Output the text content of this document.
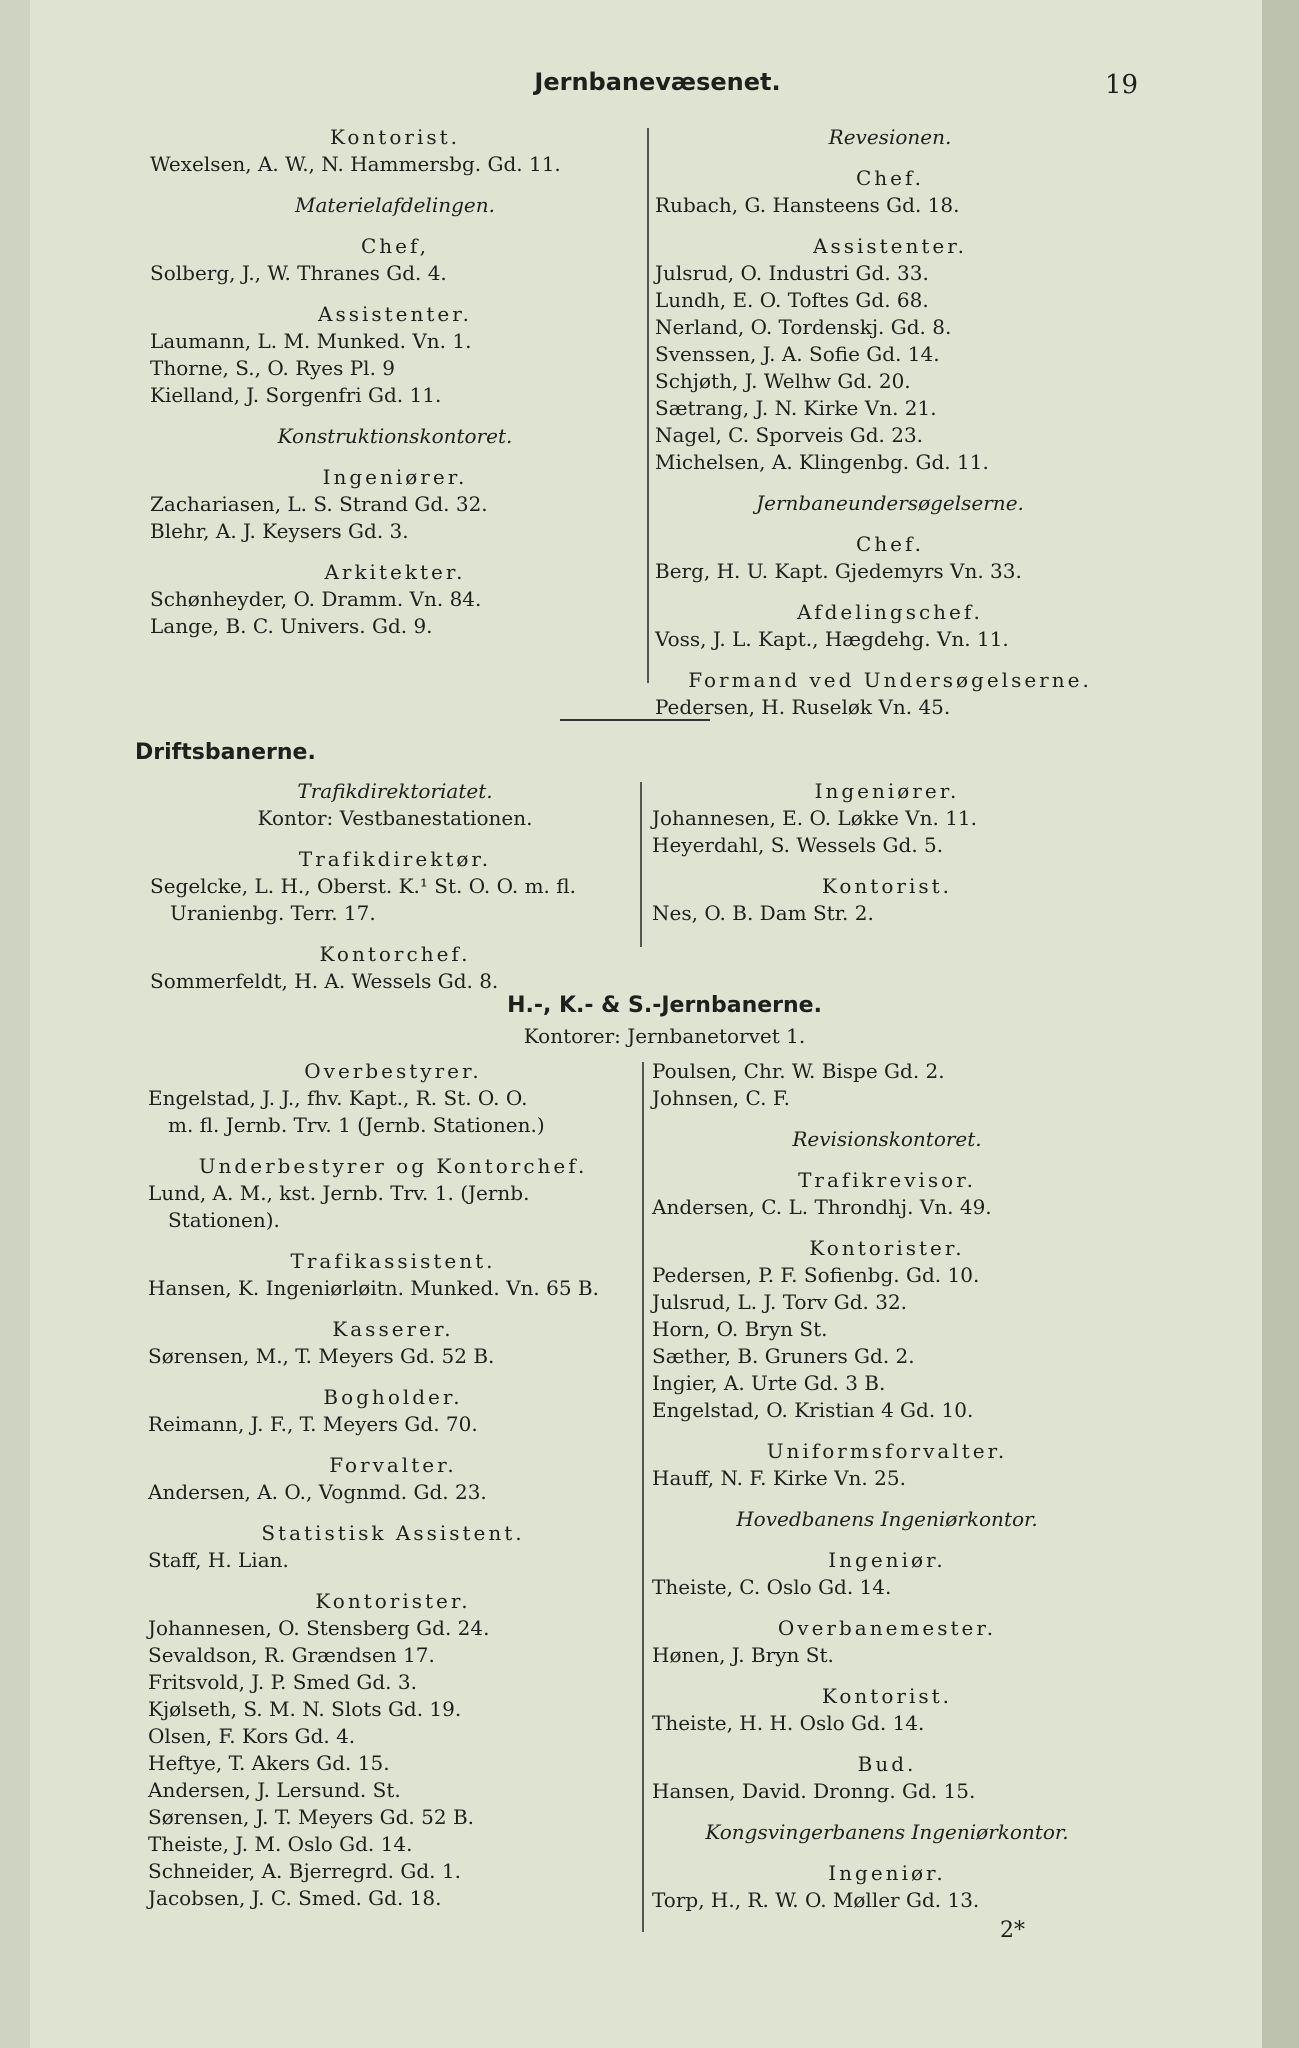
Jernbanevæsenet.	19
Kontorist.
Wexelsen, A. W., N. Hammersbg. Gd. 11.
Materielafdelingen.
Chef,
Solberg, J., W. Thranes Gd. 4.
Assistenter.
Laumann, L. M. Munked. Vn. 1.
Thorne, S., O. Ryes Pl. 9
Kielland, J. Sorgenfri Gd. 11.
Konstruktionskontoret.
Ingeniører.
Zachariasen, L. S. Strand Gd. 32.
Blehr, A. J. Keysers Gd. 3.
Arkitekter.
Schønheyder, O. Dramm. Vn. 84.
Lange, B. C. Univers. Gd. 9.
Revesionen.
Chef.
Rubach, G. Hansteens Gd. 18.
Assistenter.
Julsrud, O. Industri Gd. 33.
Lundh, E. O. Toftes Gd. 68.
Nerland, O. Tordenskj. Gd. 8.
Svenssen, J. A. Sofie Gd. 14.
Schjøth, J. Welhw Gd. 20.
Sætrang, J. N. Kirke Vn. 21.
Nagel, C. Sporveis Gd. 23.
Michelsen, A. Klingenbg. Gd. 11.
Jernbaneundersøgelserne.
Chef.
Berg, H. U. Kapt. Gjedemyrs Vn. 33.
Afdelingschef.
Voss, J. L. Kapt., Hægdehg. Vn. 11.
Formand ved Undersøgelserne.
Pedersen, H. Ruseløk Vn. 45.
Driftsbanerne.
Trafikdirektoriatet.
Kontor: Vestbanestationen.
Trafikdirektør.
Segelcke, L. H., Oberst. K.¹ St. O. O. m. fl.
Uranienbg. Terr. 17.
Kontorchef.
Sommerfeldt, H. A. Wessels Gd. 8.
Ingeniører.
Johannesen, E. O. Løkke Vn. 11.
Heyerdahl, S. Wessels Gd. 5.
Kontorist.
Nes, O. B. Dam Str. 2.
H.-, K.- & S.-Jernbanerne.
Kontorer: Jernbanetorvet 1.
Overbestyrer.
Engelstad, J. J., fhv. Kapt., R. St. O. O.
m. fl. Jernb. Trv. 1 (Jernb. Stationen.)
Underbestyrer og Kontorchef.
Lund, A. M., kst. Jernb. Trv. 1. (Jernb.
Stationen).
Trafikassistent.
Hansen, K. Ingeniørløitn. Munked. Vn. 65 B.
Kasserer.
Sørensen, M., T. Meyers Gd. 52 B.
Bogholder.
Reimann, J. F., T. Meyers Gd. 70.
Forvalter.
Andersen, A. O., Vognmd. Gd. 23.
Statistisk Assistent.
Staff, H. Lian.
Kontorister.
Johannesen, O. Stensberg Gd. 24.
Sevaldson, R. Grændsen 17.
Fritsvold, J. P. Smed Gd. 3.
Kjølseth, S. M. N. Slots Gd. 19.
Olsen, F. Kors Gd. 4.
Heftye, T. Akers Gd. 15.
Andersen, J. Lersund. St.
Sørensen, J. T. Meyers Gd. 52 B.
Theiste, J. M. Oslo Gd. 14.
Schneider, A. Bjerregrd. Gd. 1.
Jacobsen, J. C. Smed. Gd. 18.
Poulsen, Chr. W. Bispe Gd. 2.
Johnsen, C. F.
Revisionskontoret.
Trafikrevisor.
Andersen, C. L. Throndhj. Vn. 49.
Kontorister.
Pedersen, P. F. Sofienbg. Gd. 10.
Julsrud, L. J. Torv Gd. 32.
Horn, O. Bryn St.
Sæther, B. Gruners Gd. 2.
Ingier, A. Urte Gd. 3 B.
Engelstad, O. Kristian 4 Gd. 10.
Uniformsforvalter.
Hauff, N. F. Kirke Vn. 25.
Hovedbanens Ingeniørkontor.
Ingeniør.
Theiste, C. Oslo Gd. 14.
Overbanemester.
Hønen, J. Bryn St.
Kontorist.
Theiste, H. H. Oslo Gd. 14.
Bud.
Hansen, David. Dronng. Gd. 15.
Kongsvingerbanens Ingeniørkontor.
Ingeniør.
Torp, H., R. W. O. Møller Gd. 13.
2*
